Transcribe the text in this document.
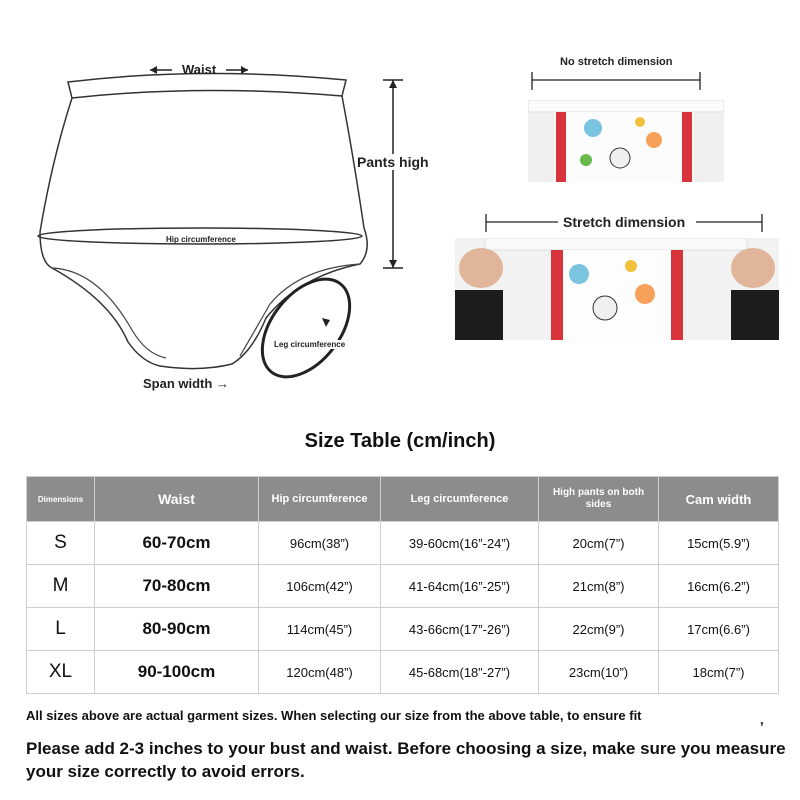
Waist
Pants high
Hip circumference
Leg circumference
Span width →
No stretch dimension
Stretch dimension
Size Table (cm/inch)
Dimensions	Waist	Hip circumference	Leg circumference	High pants on both sides	Cam width
S	60-70cm	96cm(38”)	39-60cm(16”-24”)	20cm(7”)	15cm(5.9”)
M	70-80cm	106cm(42”)	41-64cm(16”-25”)	21cm(8”)	16cm(6.2”)
L	80-90cm	114cm(45”)	43-66cm(17”-26”)	22cm(9”)	17cm(6.6”)
XL	90-100cm	120cm(48”)	45-68cm(18”-27”)	23cm(10”)	18cm(7”)
All sizes above are actual garment sizes. When selecting our size from the above table, to ensure fit	,
Please add 2-3 inches to your bust and waist. Before choosing a size, make sure you measure your size correctly to avoid errors.
